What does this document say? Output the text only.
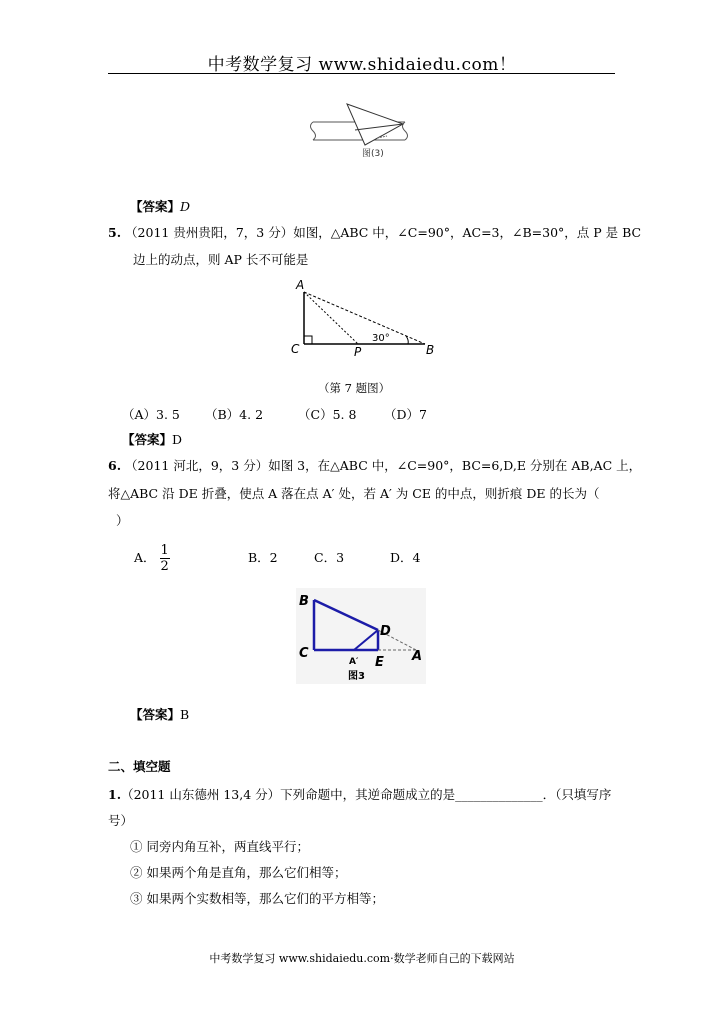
中考数学复习 www.shidaiedu.com！
图(3)
【答案】D
5. （2011 贵州贵阳，7，3 分）如图，△ABC 中，∠C=90°，AC=3，∠B=30°，点 P 是 BC
边上的动点，则 AP 长不可能是
A
C	P	B
30°
（第 7 题图）
（A）3. 5 （B）4. 2	（C）5. 8 （D）7
【答案】D
6. （2011 河北，9，3 分）如图 3，在△ABC 中，∠C=90°，BC=6,D,E 分别在 AB,AC 上，
将△ABC 沿 DE 折叠，使点 A 落在点 A′ 处，若 A′ 为 CE 的中点，则折痕 DE 的长为（
）
A． $\frac{1}{2}$	B．2	C．3	D．4
B
C
D
E A
A′
图3
【答案】B
二、填空题
1.（2011 山东德州 13,4 分）下列命题中，其逆命题成立的是______________．（只填写序
号）
① 同旁内角互补，两直线平行；
② 如果两个角是直角，那么它们相等；
③ 如果两个实数相等，那么它们的平方相等；
中考数学复习 www.shidaiedu.com·数学老师自己的下载网站
